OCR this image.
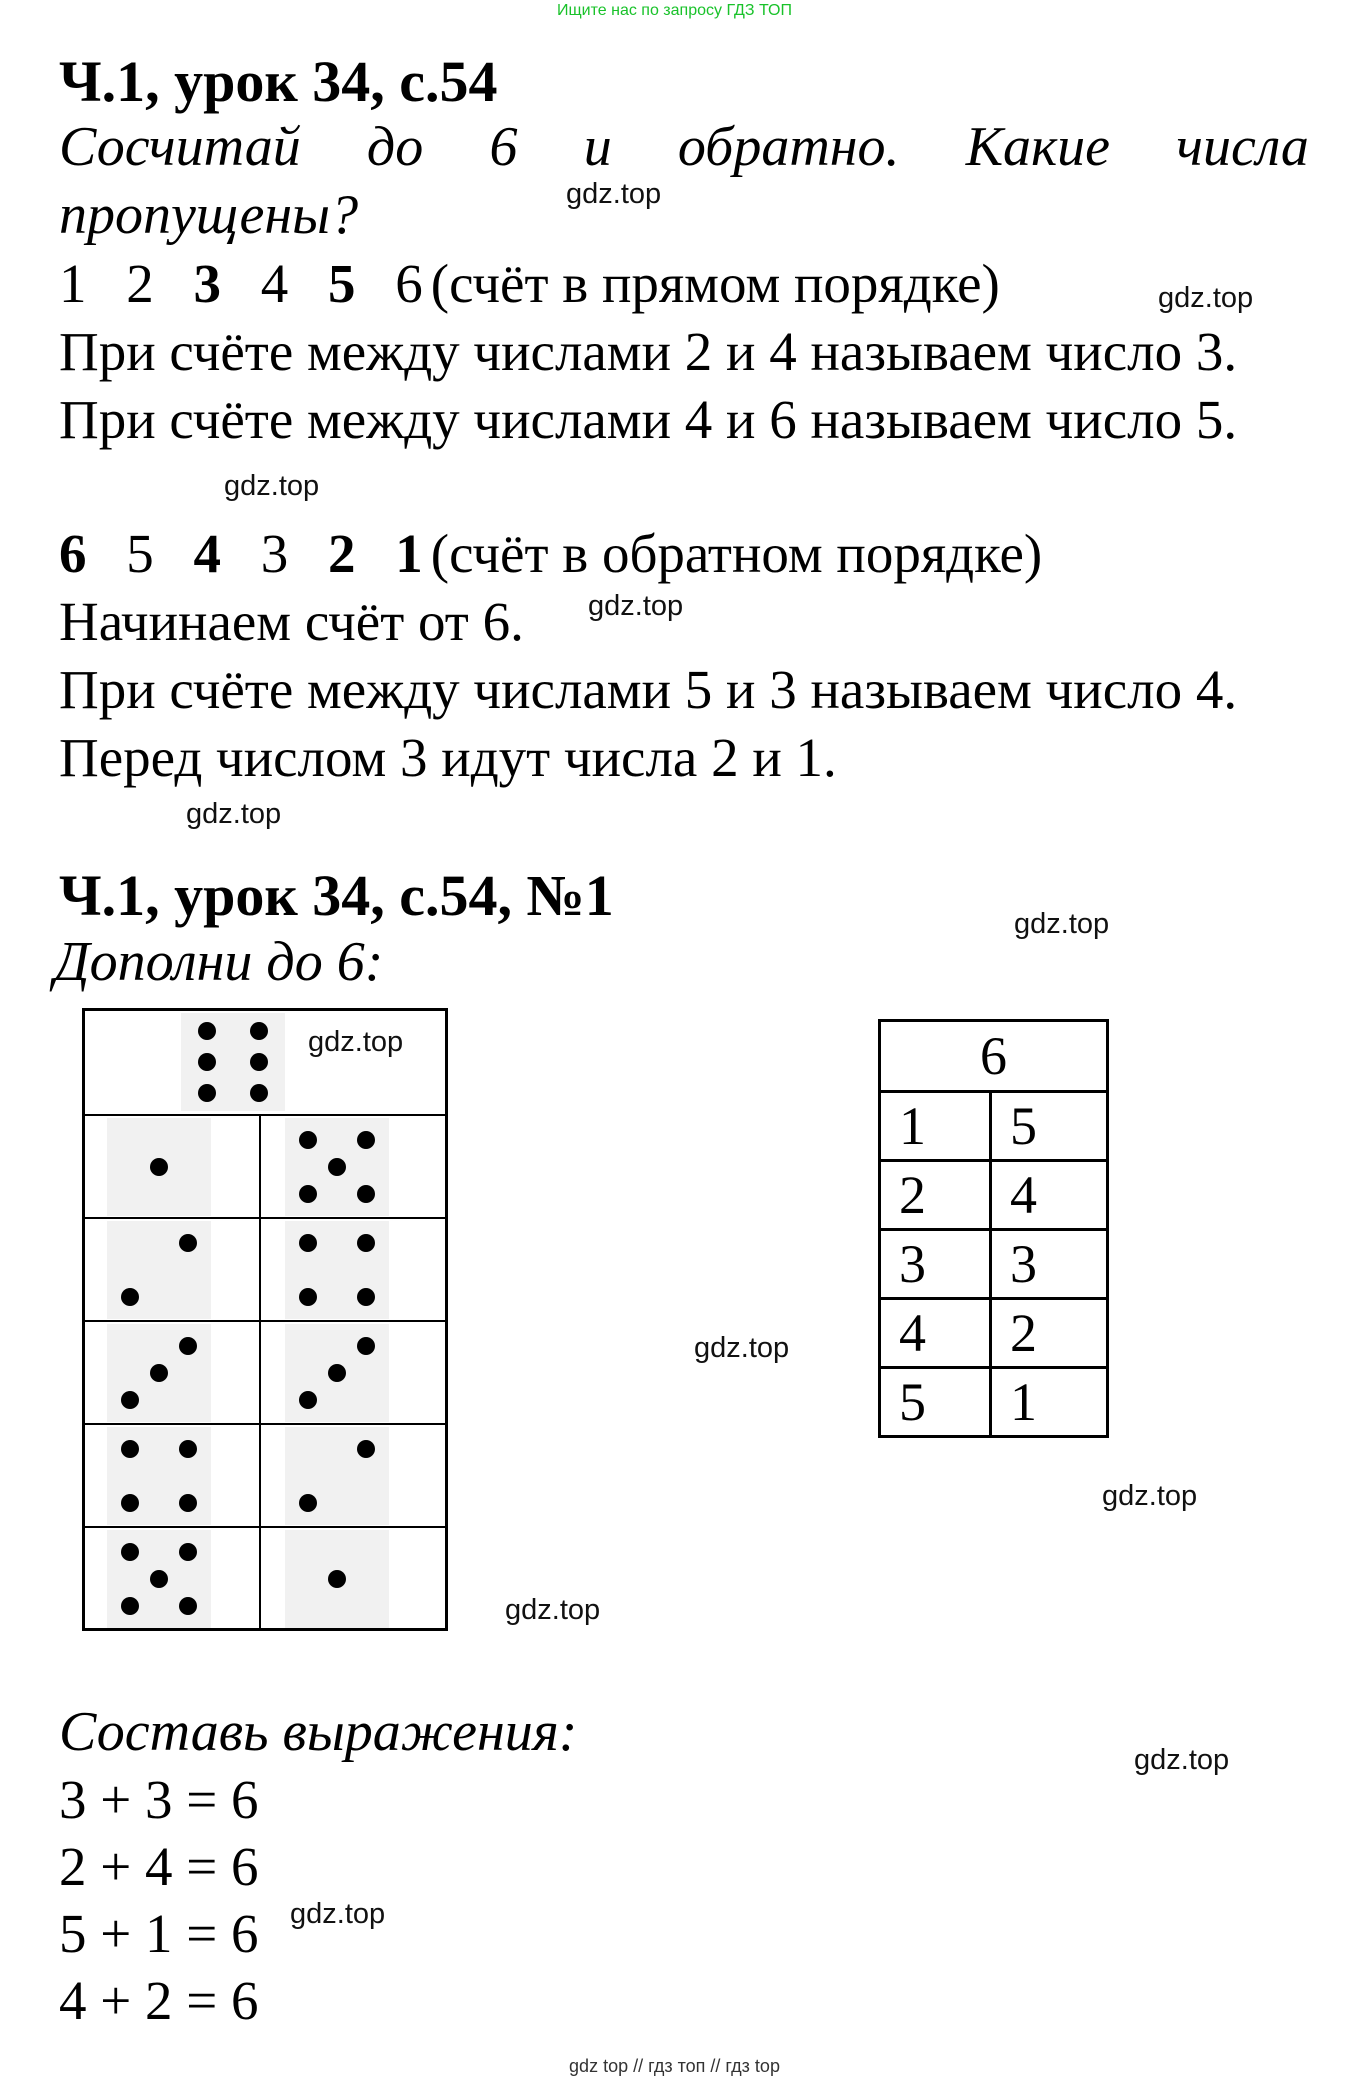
Ищите нас по запросу ГДЗ ТОП
Ч.1, урок 34, с.54
Сосчитай до 6 и обратно. Какие числа
пропущены?
1 2 3 4 5 6 (счёт в прямом порядке)
При счёте между числами 2 и 4 называем число 3.
При счёте между числами 4 и 6 называем число 5.
6 5 4 3 2 1 (счёт в обратном порядке)
Начинаем счёт от 6.
При счёте между числами 5 и 3 называем число 4.
Перед числом 3 идут числа 2 и 1.
Ч.1, урок 34, с.54, №1
Дополни до 6:
6	
1	5
2	4
3	3
4	2
5	1
Составь выражения:
3 + 3 = 6
2 + 4 = 6
5 + 1 = 6
4 + 2 = 6
gdz.top
gdz.top
gdz.top
gdz.top
gdz.top
gdz.top
gdz.top
gdz.top
gdz.top
gdz.top
gdz.top
gdz.top
gdz top // гдз топ // гдз top
